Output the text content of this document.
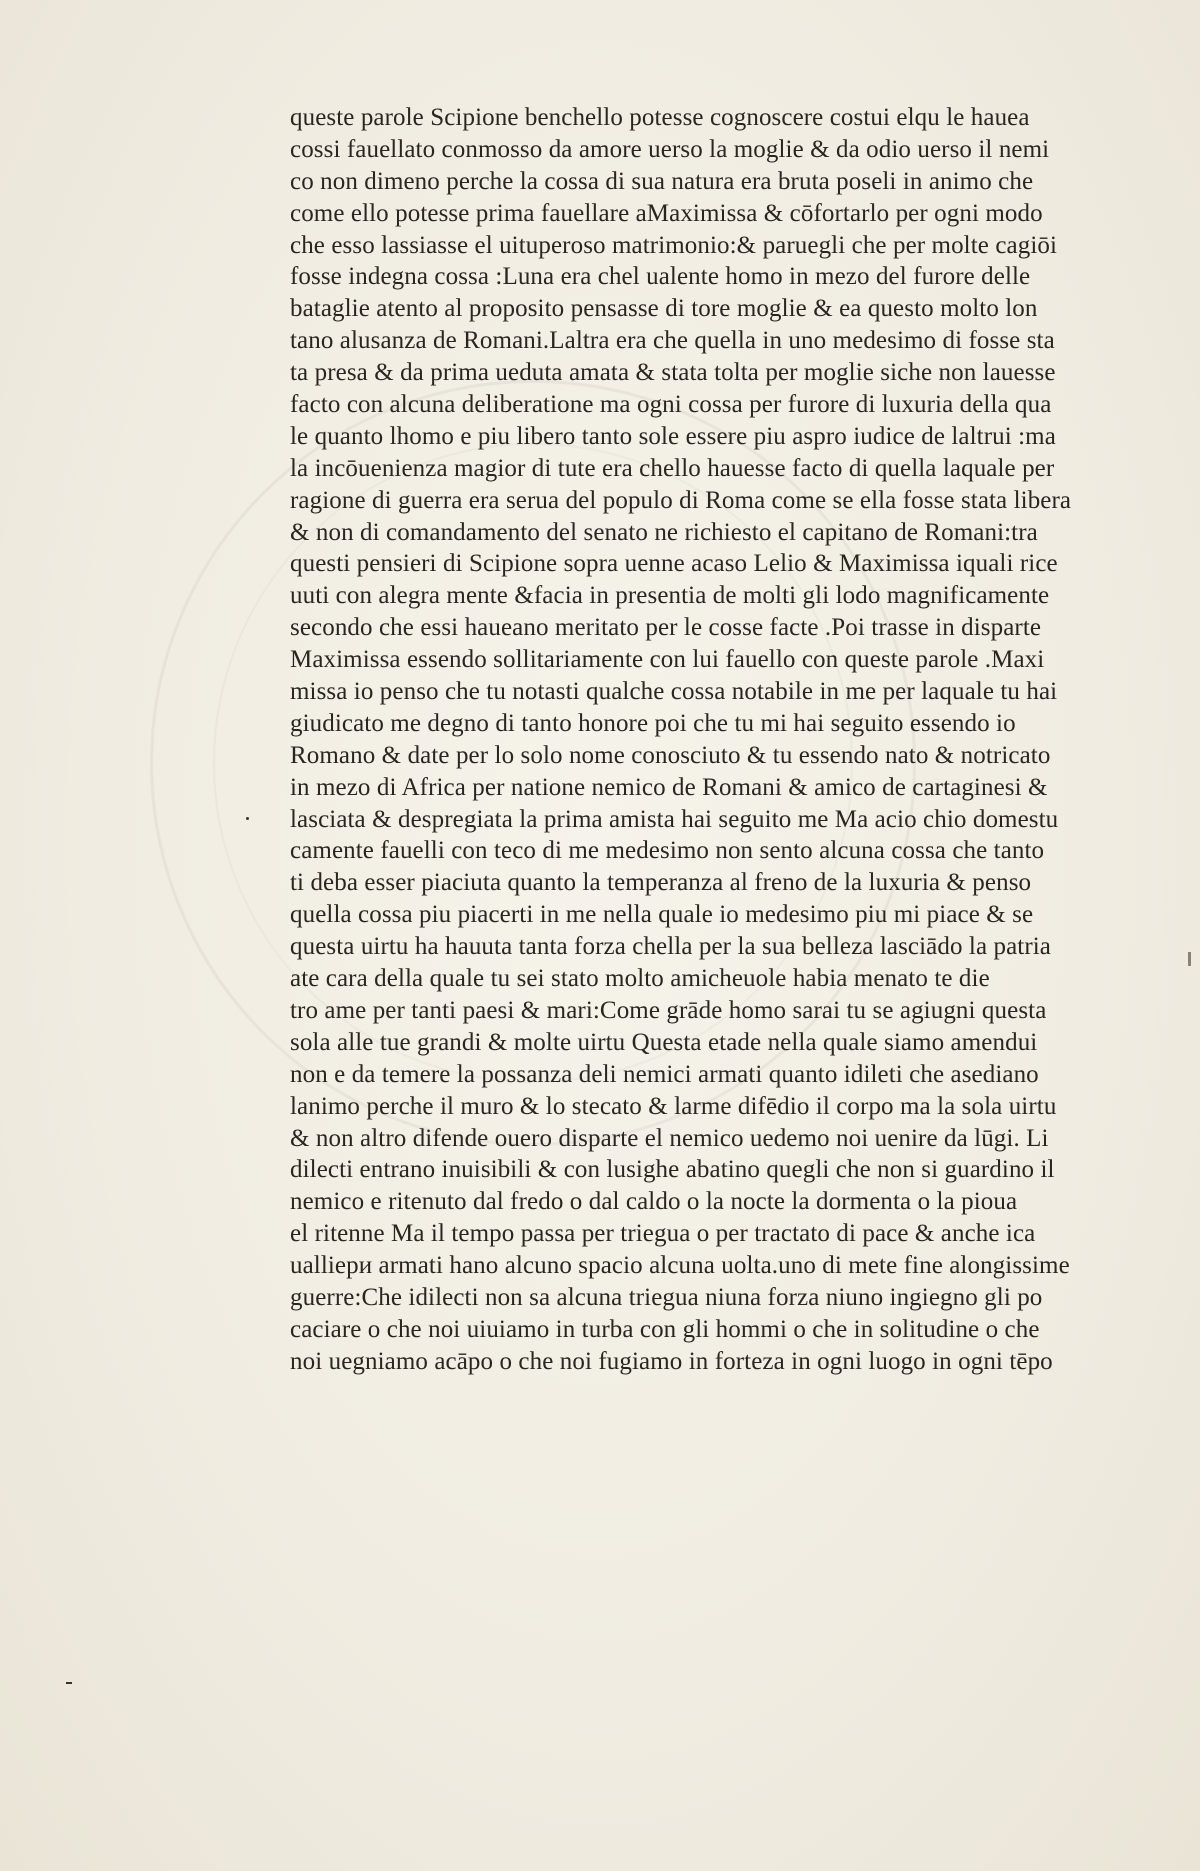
queste parole Scipione benchello potesse cognoscere costui elqu le hauea
cossi fauellato conmosso da amore uerso la moglie & da odio uerso il nemi
co non dimeno perche la cossa di sua natura era bruta poseli in animo che
come ello potesse prima fauellare aMaximissa & cōfortarlo per ogni modo
che esso lassiasse el uituperoso matrimonio:& paruegli che per molte cagiōi
fosse indegna cossa :Luna era chel ualente homo in mezo del furore delle
bataglie atento al proposito pensasse di tore moglie & ea questo molto lon
tano alusanza de Romani.Laltra era che quella in uno medesimo di fosse sta
ta presa & da prima ueduta amata & stata tolta per moglie siche non lauesse
facto con alcuna deliberatione ma ogni cossa per furore di luxuria della qua
le quanto lhomo e piu libero tanto sole essere piu aspro iudice de laltrui :ma
la incōuenienza magior di tute era chello hauesse facto di quella laquale per
ragione di guerra era serua del populo di Roma come se ella fosse stata libera
& non di comandamento del senato ne richiesto el capitano de Romani:tra
questi pensieri di Scipione sopra uenne acaso Lelio & Maximissa iquali rice
uuti con alegra mente &facia in presentia de molti gli lodo magnificamente
secondo che essi haueano meritato per le cosse facte .Poi trasse in disparte
Maximissa essendo sollitariamente con lui fauello con queste parole .Maxi
missa io penso che tu notasti qualche cossa notabile in me per laquale tu hai
giudicato me degno di tanto honore poi che tu mi hai seguito essendo io
Romano & date per lo solo nome conosciuto & tu essendo nato & notricato
in mezo di Africa per natione nemico de Romani & amico de cartaginesi &
lasciata & despregiata la prima amista hai seguito me Ma acio chio domestu
camente fauelli con teco di me medesimo non sento alcuna cossa che tanto
ti deba esser piaciuta quanto la temperanza al freno de la luxuria & penso
quella cossa piu piacerti in me nella quale io medesimo piu mi piace & se
questa uirtu ha hauuta tanta forza chella per la sua belleza lasciādo la patria
ate cara della quale tu sei stato molto amicheuole habia menato te die
tro ame per tanti paesi & mari:Come grāde homo sarai tu se agiugni questa
sola alle tue grandi & molte uirtu Questa etade nella quale siamo amendui
non e da temere la possanza deli nemici armati quanto idileti che asediano
lanimo perche il muro & lo stecato & larme difēdio il corpo ma la sola uirtu
& non altro difende ouero disparte el nemico uedemo noi uenire da lūgi. Li
dilecti entrano inuisibili & con lusighe abatino quegli che non si guardino il
nemico e ritenuto dal fredo o dal caldo o la nocte la dormenta o la pioua
el ritenne Ma il tempo passa per triegua o per tractato di pace & anche ica
ualliери armati hano alcuno spacio alcuna uolta.uno di mete fine alongissime
guerre:Che idilecti non sa alcuna triegua niuna forza niuno ingiegno gli po
caciare o che noi uiuiamo in turba con gli hommi o che in solitudine o che
noi uegniamo acāpo o che noi fugiamo in forteza in ogni luogo in ogni tēpo
